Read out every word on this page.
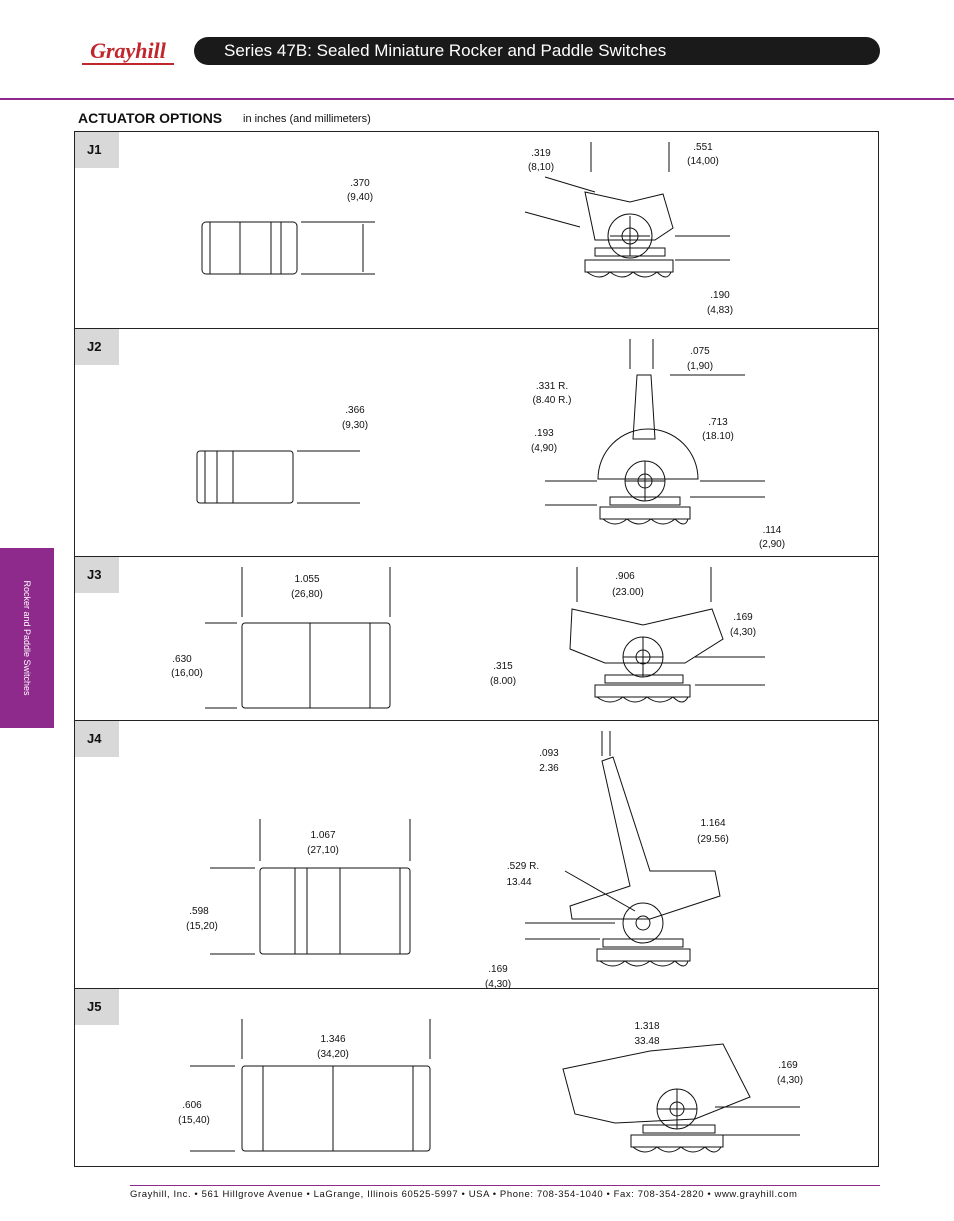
Grayhill	Series 47B: Sealed Miniature Rocker and Paddle Switches
ACTUATOR OPTIONS in inches (and millimeters)
Rocker and Paddle Switches
J1
.370
(9,40)
.319
(8,10)
.551
(14,00)
.190
(4,83)
J2
.366
(9,30)
.075
(1,90)
.331 R.
(8.40 R.)
.713
(18.10)
.193
(4,90)
.114
(2,90)
J3	1.055
(26,80)
.630
(16,00)
.906
(23.00)
.169
(4,30)
.315
(8.00)
J4
.093
2.36
1.164
(29.56)
1.067
(27,10)
.529 R.
13.44
.598
(15,20)
.169
(4,30)
J5
1.346
(34,20)
1.318
33.48
.169
(4,30)
.606
(15,40)
Grayhill, Inc. • 561 Hillgrove Avenue • LaGrange, Illinois 60525-5997 • USA • Phone: 708-354-1040 • Fax: 708-354-2820 • www.grayhill.com
